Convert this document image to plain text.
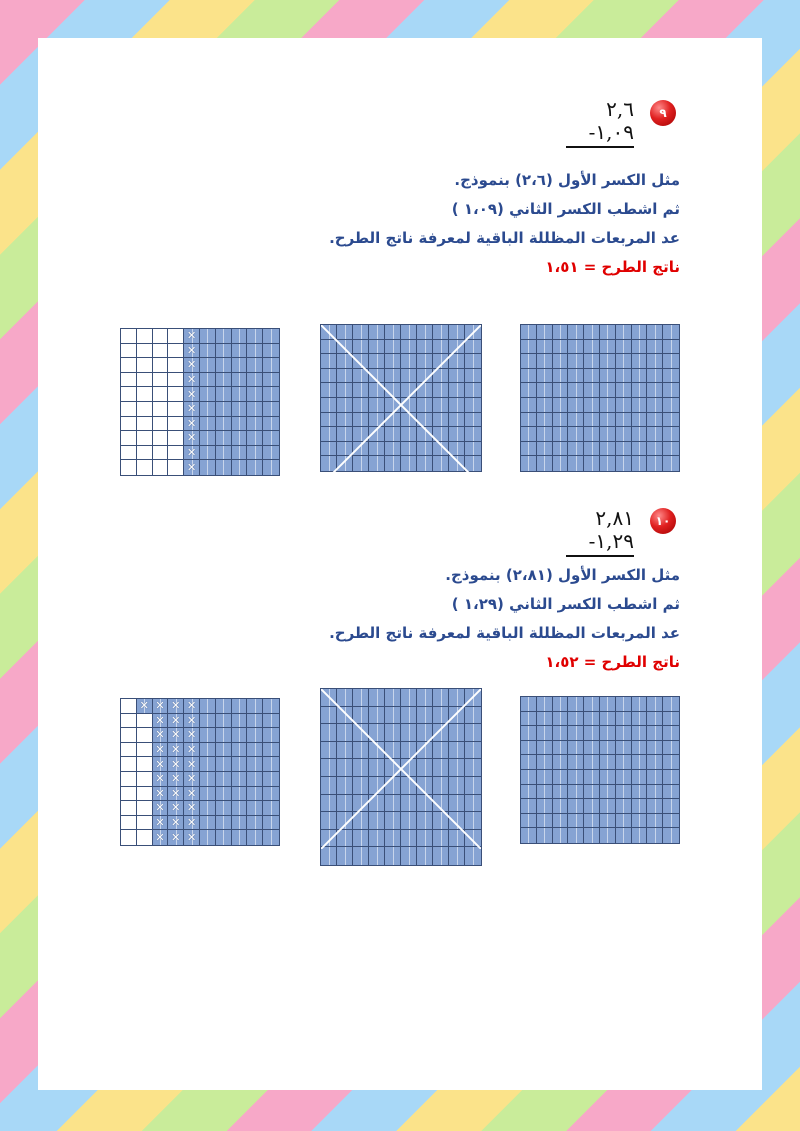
٩
٢,٦
-١,٠٩
مثل الكسر الأول (٢،٦) بنموذج.
ثم اشطب الكسر الثاني (١،٠٩ )
عد المربعات المظللة الباقية لمعرفة ناتج الطرح.
ناتج الطرح = ١،٥١
✕
✕
✕
✕
✕
✕
✕
✕
✕
✕
١٠
٢,٨١
-١,٢٩
مثل الكسر الأول (٢،٨١) بنموذج.
ثم اشطب الكسر الثاني (١،٢٩ )
عد المربعات المظللة الباقية لمعرفة ناتج الطرح.
ناتج الطرح = ١،٥٢
✕
✕
✕
✕
✕
✕
✕
✕
✕
✕
✕
✕
✕
✕
✕
✕
✕
✕
✕
✕
✕
✕
✕
✕
✕
✕
✕
✕
✕
✕
✕
